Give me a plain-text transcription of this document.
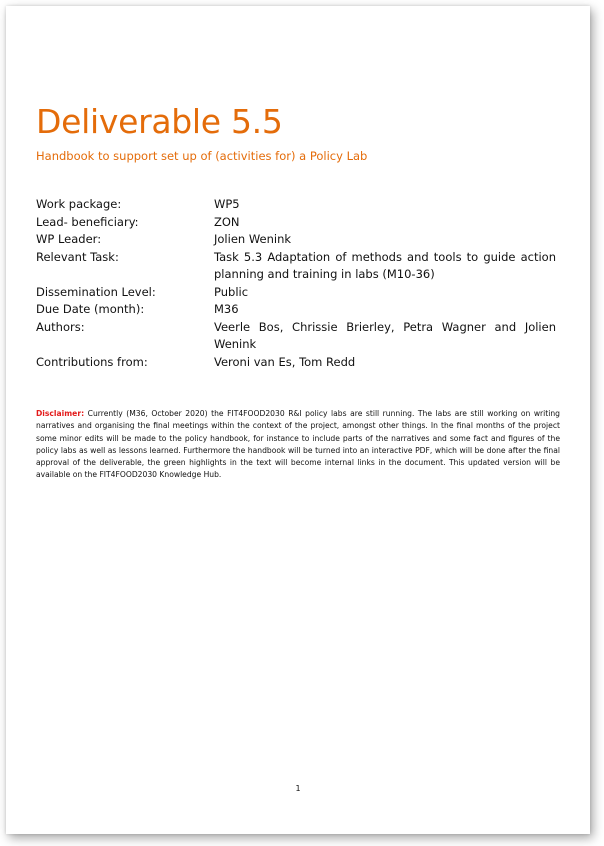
Deliverable 5.5
Handbook to support set up of (activities for) a Policy Lab
Work package:	WP5
Lead- beneficiary:	ZON
WP Leader:	Jolien Wenink
Relevant Task:	Task 5.3 Adaptation of methods and tools to guide action planning and training in labs (M10-36)
Dissemination Level:	Public
Due Date (month):	M36
Authors:	Veerle Bos, Chrissie Brierley, Petra Wagner and Jolien Wenink
Contributions from:	Veroni van Es, Tom Redd

Disclaimer: Currently (M36, October 2020) the FIT4FOOD2030 R&I policy labs are still running. The labs are still working on writing narratives and organising the final meetings within the context of the project, amongst other things. In the final months of the project some minor edits will be made to the policy handbook, for instance to include parts of the narratives and some fact and figures of the policy labs as well as lessons learned. Furthermore the handbook will be turned into an interactive PDF, which will be done after the final approval of the deliverable, the green highlights in the text will become internal links in the document. This updated version will be available on the FIT4FOOD2030 Knowledge Hub.

1
